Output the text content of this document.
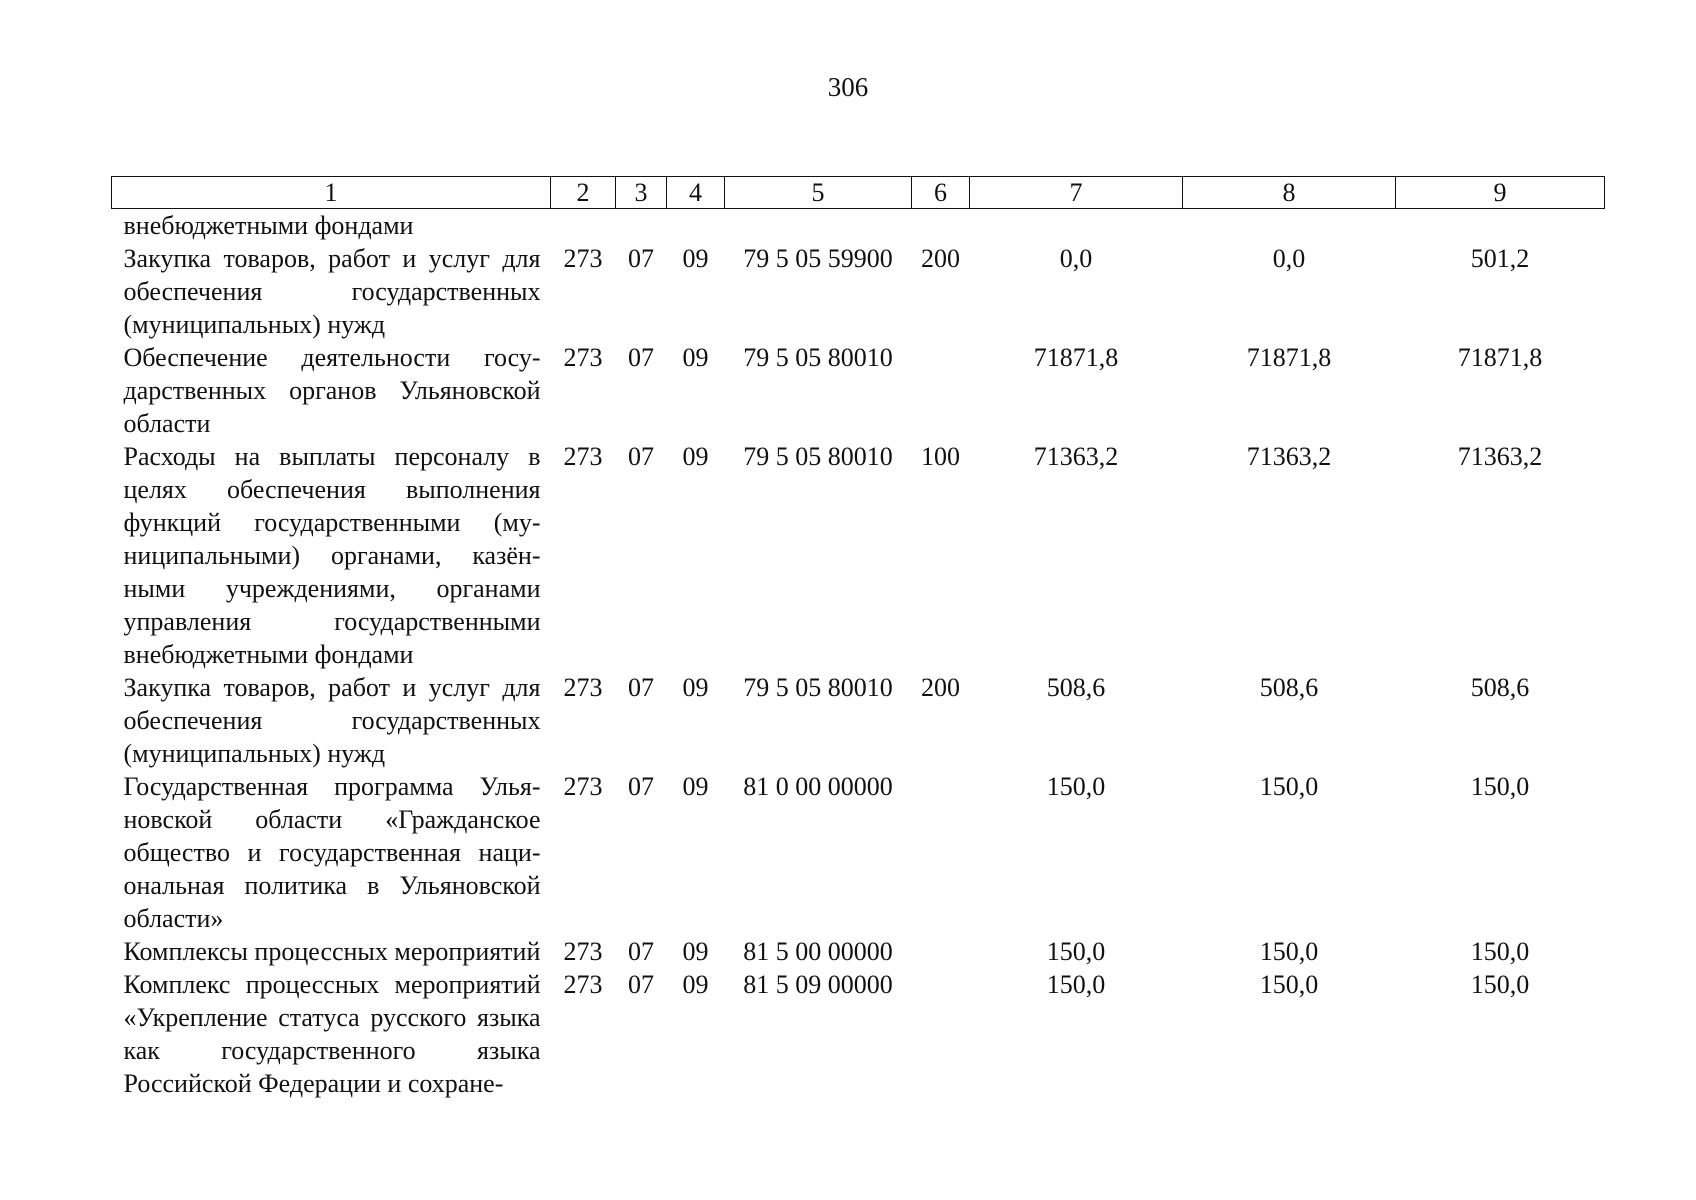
306
1	2	3	4	5	6	7	8	9
внебюджетными фондами								
Закупка товаров, работ и услуг для обеспечения государственных (муниципальных) нужд	273	07	09	79 5 05 59900	200	0,0	0,0	501,2
Обеспечение деятельности государственных органов Ульяновской области	273	07	09	79 5 05 80010		71871,8	71871,8	71871,8
Расходы на выплаты персоналу в целях обеспечения выполнения функций государственными (муниципальными) органами, казёнными учреждениями, органами управления государственными внебюджетными фондами	273	07	09	79 5 05 80010	100	71363,2	71363,2	71363,2
Закупка товаров, работ и услуг для обеспечения государственных (муниципальных) нужд	273	07	09	79 5 05 80010	200	508,6	508,6	508,6
Государственная программа Ульяновской области «Гражданское общество и государственная национальная политика в Ульяновской области»	273	07	09	81 0 00 00000		150,0	150,0	150,0
Комплексы процессных мероприятий	273	07	09	81 5 00 00000		150,0	150,0	150,0
Комплекс процессных мероприятий «Укрепление статуса русского языка как государственного языка Российской Федерации и сохране-	273	07	09	81 5 09 00000		150,0	150,0	150,0
